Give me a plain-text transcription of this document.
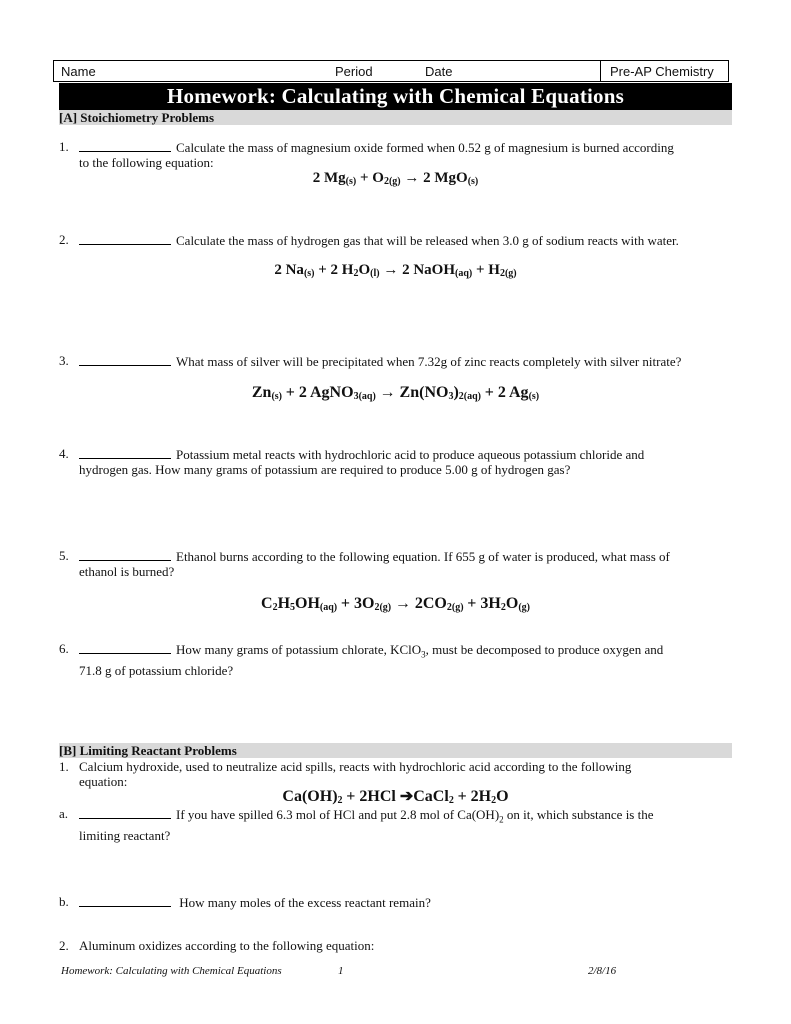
Name	Period	Date	Pre-AP Chemistry
Homework: Calculating with Chemical Equations
[A] Stoichiometry Problems
1.	Calculate the mass of magnesium oxide formed when 0.52 g of magnesium is burned according
to the following equation:
2 $Mg_{(s)} + O_{2(g)} \to 2$ MgO$_{(s)}$
2.	Calculate the mass of hydrogen gas that will be released when 3.0 g of sodium reacts with water.
2 $Na_{(s)} + 2$ $H_2O_{(l)} \to 2$ NaOH$_{(aq)}$ + $H_{2(g)}$
3.	What mass of silver will be precipitated when 7.32g of zinc reacts completely with silver nitrate?
$Zn_{(s)} + 2$ AgNO$_{3(aq)}$ → $Zn(NO_3)_{2(aq)} + 2$ $Ag_{(s)}$
4.	Potassium metal reacts with hydrochloric acid to produce aqueous potassium chloride and
hydrogen gas. How many grams of potassium are required to produce 5.00 g of hydrogen gas?
5.	Ethanol burns according to the following equation. If 655 g of water is produced, what mass of
ethanol is burned?
$C_2H_5OH_{(aq)} + 3O_{2(g)} \to 2CO_{2(g)} + 3H_2O_{(g)}$
6.	How many grams of potassium chlorate, KClO$_3$, must be decomposed to produce oxygen and
71.8 g of potassium chloride?
[B] Limiting Reactant Problems
1. Calcium hydroxide, used to neutralize acid spills, reacts with hydrochloric acid according to the following
equation:
$Ca(OH)_2 + 2HCl$ ➔CaCl$_2$ + $2H_2O$
a.	If you have spilled 6.3 mol of HCl and put 2.8 mol of $Ca(OH)_2$ on it, which substance is the
limiting reactant?
b.	How many moles of the excess reactant remain?
2. Aluminum oxidizes according to the following equation:
Homework: Calculating with Chemical Equations	1	2/8/16
